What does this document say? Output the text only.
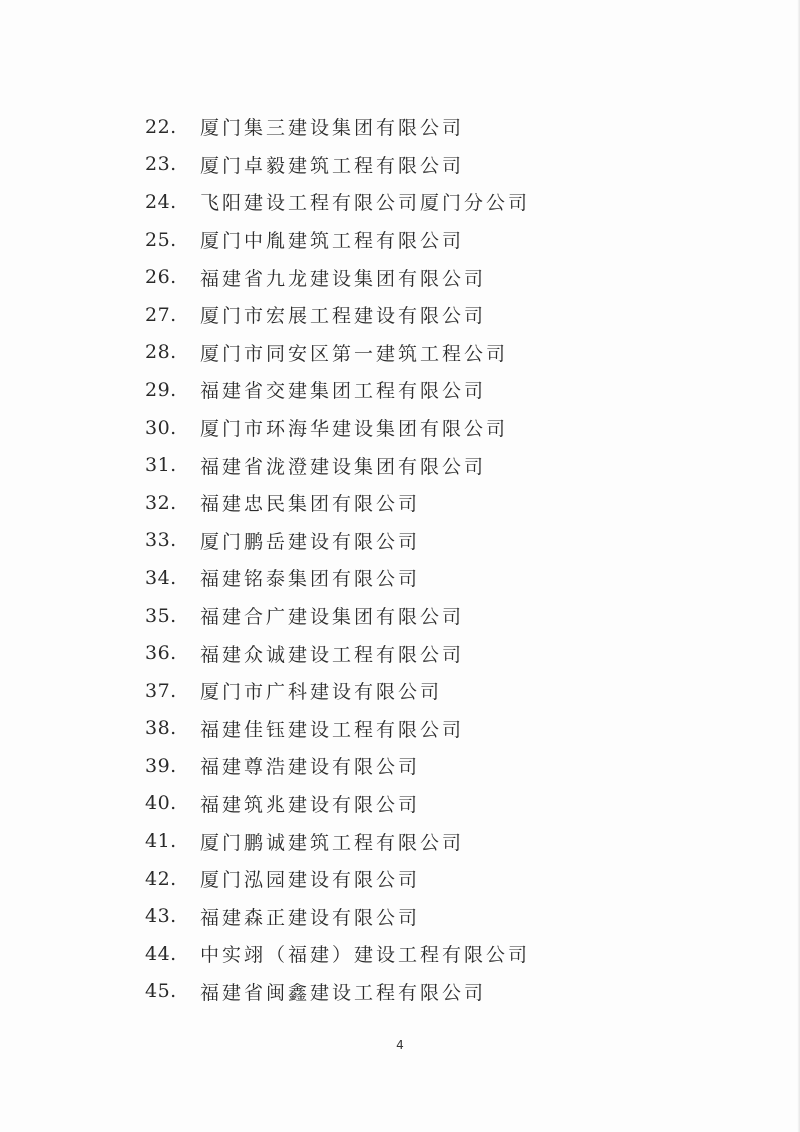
22.	厦门集三建设集团有限公司
23.	厦门卓毅建筑工程有限公司
24.	飞阳建设工程有限公司厦门分公司
25.	厦门中胤建筑工程有限公司
26.	福建省九龙建设集团有限公司
27.	厦门市宏展工程建设有限公司
28.	厦门市同安区第一建筑工程公司
29.	福建省交建集团工程有限公司
30.	厦门市环海华建设集团有限公司
31.	福建省泷澄建设集团有限公司
32.	福建忠民集团有限公司
33.	厦门鹏岳建设有限公司
34.	福建铭泰集团有限公司
35.	福建合广建设集团有限公司
36.	福建众诚建设工程有限公司
37.	厦门市广科建设有限公司
38.	福建佳钰建设工程有限公司
39.	福建尊浩建设有限公司
40.	福建筑兆建设有限公司
41.	厦门鹏诚建筑工程有限公司
42.	厦门泓园建设有限公司
43.	福建森正建设有限公司
44.	中实翊（福建）建设工程有限公司
45.	福建省闽鑫建设工程有限公司
4
